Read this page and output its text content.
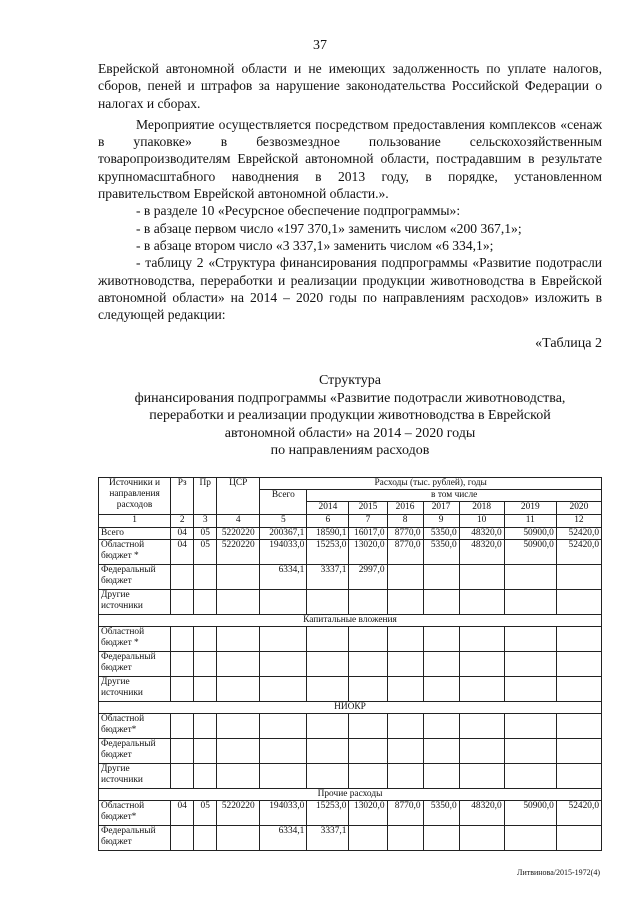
37

Еврейской автономной области и не имеющих задолженность по уплате налогов, сборов, пеней и штрафов за нарушение законодательства Российской Федерации о налогах и сборах.

Мероприятие осуществляется посредством предоставления комплексов «сенаж в упаковке» в безвозмездное пользование сельскохозяйственным товаропроизводителям Еврейской автономной области, пострадавшим в результате крупномасштабного наводнения в 2013 году, в порядке, установленном правительством Еврейской автономной области.».

- в разделе 10 «Ресурсное обеспечение подпрограммы»:

- в абзаце первом число «197 370,1» заменить числом «200 367,1»;

- в абзаце втором число «3 337,1» заменить числом «6 334,1»;

- таблицу 2 «Структура финансирования подпрограммы «Развитие подотрасли животноводства, переработки и реализации продукции животноводства в Еврейской автономной области» на 2014 – 2020 годы по направлениям расходов» изложить в следующей редакции:

«Таблица 2
Структура
финансирования подпрограммы «Развитие подотрасли животноводства,
переработки и реализации продукции животноводства в Еврейской
автономной области» на 2014 – 2020 годы
по направлениям расходов
Источники и направления расходов	Рз	Пр	ЦСР	Расходы (тыс. рублей), годы							
				Всего	в том числе						
					2014	2015	2016	2017	2018	2019	2020
1	2	3	4	5	6	7	8	9	10	11	12
Всего	04	05	5220220	200367,1	18590,1	16017,0	8770,0	5350,0	48320,0	50900,0	52420,0
Областной бюджет *	04	05	5220220	194033,0	15253,0	13020,0	8770,0	5350,0	48320,0	50900,0	52420,0
Федеральный бюджет				6334,1	3337,1	2997,0					
Другие источники											
Капитальные вложения											
Областной бюджет *											
Федеральный бюджет											
Другие источники											
НИОКР											
Областной бюджет*											
Федеральный бюджет											
Другие источники											
Прочие расходы											
Областной бюджет*	04	05	5220220	194033,0	15253,0	13020,0	8770,0	5350,0	48320,0	50900,0	52420,0
Федеральный бюджет				6334,1	3337,1						
Литвинова/2015-1972(4)
